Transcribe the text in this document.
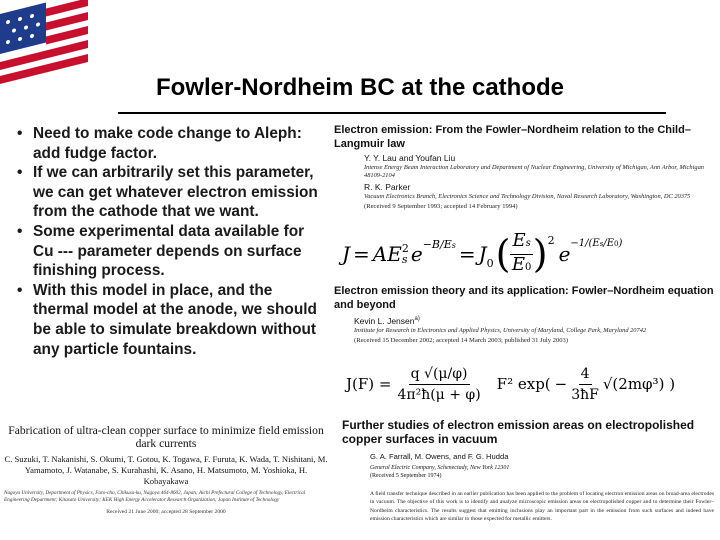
Fowler-Nordheim BC at the cathode
• Need to make code change to Aleph: add fudge factor.
• If we can arbitrarily set this parameter, we can get whatever electron emission from the cathode that we want.
• Some experimental data available for Cu --- parameter depends on surface finishing process.
• With this model in place, and the thermal model at the anode, we should be able to simulate breakdown without any particle fountains.
Electron emission: From the Fowler–Nordheim relation to the Child–Langmuir law
Y. Y. Lau and Youfan Liu
Intense Energy Beam Interaction Laboratory and Department of Nuclear Engineering, University of Michigan, Ann Arbor, Michigan 48109-2104
R. K. Parker
Vacuum Electronics Branch, Electronics Science and Technology Division, Naval Research Laboratory, Washington, DC 20375
(Received 9 September 1993; accepted 14 February 1994)
J = AE 2
s e −B/Es = J 0 ( $\frac{Es}{E0}$ ) 2
e −1/(Es/E0)
Electron emission theory and its application: Fowler–Nordheim equation and beyond
Kevin L. Jensen$^{a)}$
Institute for Research in Electronics and Applied Physics, University of Maryland, College Park, Maryland 20742
(Received 15 December 2002; accepted 14 March 2003; published 31 July 2003)
$J(F) = \frac{q √(\mu/\varphi)}{\text{4π²ħ(μ + φ)}} F^2$ $\exp( - \frac{4}{3ħF} √(2m\varphi^3)$ )
Fabrication of ultra-clean copper surface to minimize field emission dark currents
C. Suzuki, T. Nakanishi, S. Okumi, T. Gotou, K. Togawa, F. Furuta, K. Wada, T. Nishitani, M. Yamamoto, J. Watanabe, S. Kurahashi, K. Asano, H. Matsumoto, M. Yoshioka, H. Kobayakawa
Nagoya University, Department of Physics, Furo-cho, Chikusa-ku, Nagoya 464-8602, Japan; Aichi Prefectural College of Technology, Electrical Engineering Department; Kitasato University; KEK High Energy Accelerator Research Organization; Japan Institute of Technology
Received 21 June 2000; accepted 28 September 2000
Further studies of electron emission areas on electropolished copper surfaces in vacuum
G. A. Farrall, M. Owens, and F. G. Hudda
General Electric Company, Schenectady, New York 12301
(Received 5 September 1974)
A field transfer technique described in an earlier publication has been applied to the problem of locating electron emission areas on broad-area electrodes in vacuum. The objective of this work is to identify and analyze microscopic emission areas on electropolished copper and to determine their Fowler–Nordheim characteristics. The results suggest that emitting inclusions play an important part in the emission from such surfaces and indeed have emission characteristics which are similar to those expected for metallic emitters.
